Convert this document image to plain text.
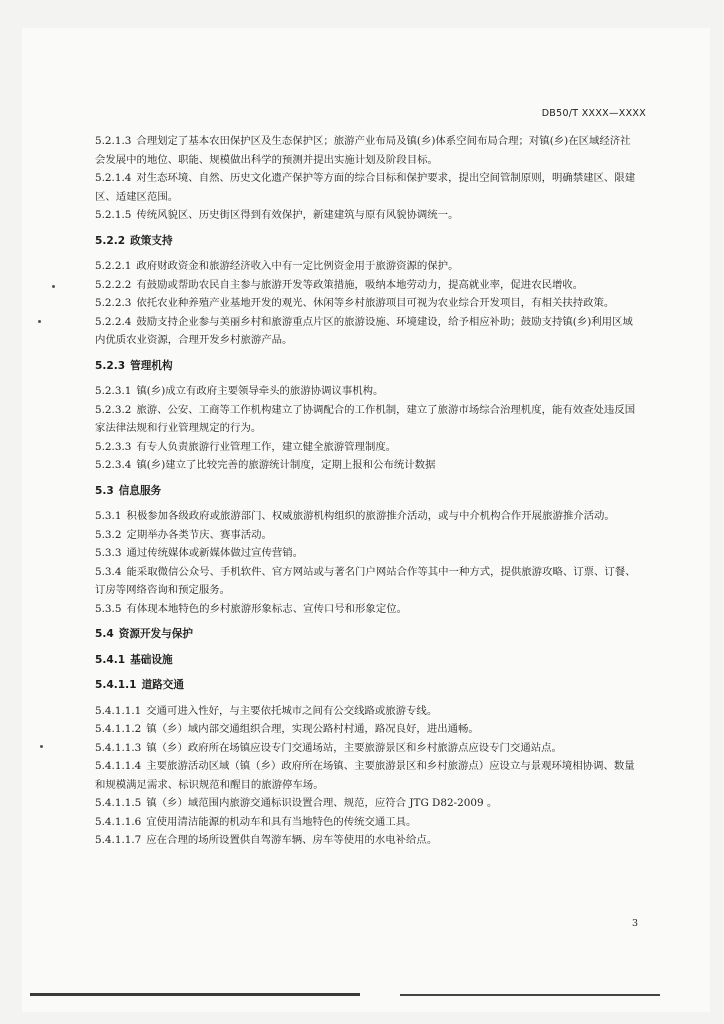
DB50/T XXXX—XXXX

5.2.1.3 合理划定了基本农田保护区及生态保护区；旅游产业布局及镇(乡)体系空间布局合理；对镇(乡)在区域经济社会发展中的地位、职能、规模做出科学的预测并提出实施计划及阶段目标。

5.2.1.4 对生态环境、自然、历史文化遗产保护等方面的综合目标和保护要求，提出空间管制原则，明确禁建区、限建区、适建区范围。

5.2.1.5 传统风貌区、历史街区得到有效保护，新建建筑与原有风貌协调统一。

5.2.2 政策支持

5.2.2.1 政府财政资金和旅游经济收入中有一定比例资金用于旅游资源的保护。

5.2.2.2 有鼓励或帮助农民自主参与旅游开发等政策措施，吸纳本地劳动力，提高就业率，促进农民增收。

5.2.2.3 依托农业种养殖产业基地开发的观光、休闲等乡村旅游项目可视为农业综合开发项目，有相关扶持政策。

5.2.2.4 鼓励支持企业参与美丽乡村和旅游重点片区的旅游设施、环境建设，给予相应补助；鼓励支持镇(乡)利用区域内优质农业资源，合理开发乡村旅游产品。

5.2.3 管理机构

5.2.3.1 镇(乡)成立有政府主要领导牵头的旅游协调议事机构。

5.2.3.2 旅游、公安、工商等工作机构建立了协调配合的工作机制，建立了旅游市场综合治理机度，能有效查处违反国家法律法规和行业管理规定的行为。

5.2.3.3 有专人负责旅游行业管理工作，建立健全旅游管理制度。

5.2.3.4 镇(乡)建立了比较完善的旅游统计制度，定期上报和公布统计数据

5.3 信息服务

5.3.1 积极参加各级政府或旅游部门、权威旅游机构组织的旅游推介活动，或与中介机构合作开展旅游推介活动。

5.3.2 定期举办各类节庆、赛事活动。

5.3.3 通过传统媒体或新媒体做过宣传营销。

5.3.4 能采取微信公众号、手机软件、官方网站或与著名门户网站合作等其中一种方式，提供旅游攻略、订票、订餐、订房等网络咨询和预定服务。

5.3.5 有体现本地特色的乡村旅游形象标志、宣传口号和形象定位。

5.4 资源开发与保护

5.4.1 基础设施

5.4.1.1 道路交通

5.4.1.1.1 交通可进入性好，与主要依托城市之间有公交线路或旅游专线。

5.4.1.1.2 镇（乡）域内部交通组织合理，实现公路村村通，路况良好，进出通畅。

5.4.1.1.3 镇（乡）政府所在场镇应设专门交通场站，主要旅游景区和乡村旅游点应设专门交通站点。

5.4.1.1.4 主要旅游活动区域（镇（乡）政府所在场镇、主要旅游景区和乡村旅游点）应设立与景观环境相协调、数量和规模满足需求、标识规范和醒目的旅游停车场。

5.4.1.1.5 镇（乡）域范围内旅游交通标识设置合理、规范，应符合 JTG D82-2009 。

5.4.1.1.6 宜使用清洁能源的机动车和具有当地特色的传统交通工具。

5.4.1.1.7 应在合理的场所设置供自驾游车辆、房车等使用的水电补给点。

3
